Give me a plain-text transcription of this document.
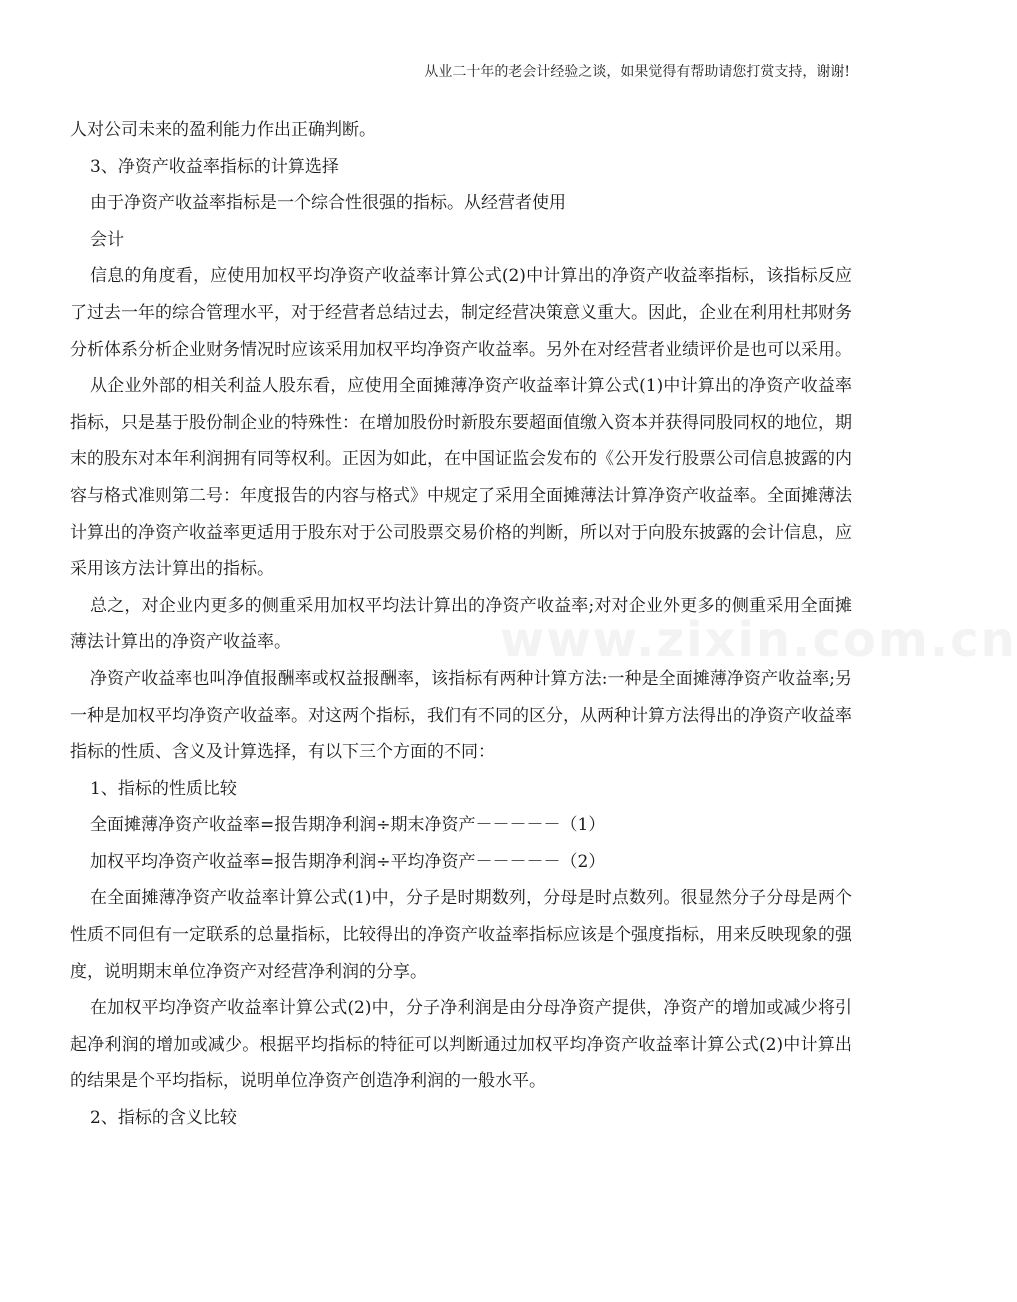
从业二十年的老会计经验之谈，如果觉得有帮助请您打赏支持，谢谢!
www.zixin.com.cn

人对公司未来的盈利能力作出正确判断。

3、净资产收益率指标的计算选择

由于净资产收益率指标是一个综合性很强的指标。从经营者使用

会计

信息的角度看，应使用加权平均净资产收益率计算公式(2)中计算出的净资产收益率指标，该指标反应了过去一年的综合管理水平，对于经营者总结过去，制定经营决策意义重大。因此，企业在利用杜邦财务分析体系分析企业财务情况时应该采用加权平均净资产收益率。另外在对经营者业绩评价是也可以采用。

从企业外部的相关利益人股东看，应使用全面摊薄净资产收益率计算公式(1)中计算出的净资产收益率指标，只是基于股份制企业的特殊性：在增加股份时新股东要超面值缴入资本并获得同股同权的地位，期末的股东对本年利润拥有同等权利。正因为如此，在中国证监会发布的《公开发行股票公司信息披露的内容与格式准则第二号：年度报告的内容与格式》中规定了采用全面摊薄法计算净资产收益率。全面摊薄法计算出的净资产收益率更适用于股东对于公司股票交易价格的判断，所以对于向股东披露的会计信息，应采用该方法计算出的指标。

总之，对企业内更多的侧重采用加权平均法计算出的净资产收益率;对对企业外更多的侧重采用全面摊薄法计算出的净资产收益率。

净资产收益率也叫净值报酬率或权益报酬率，该指标有两种计算方法:一种是全面摊薄净资产收益率;另一种是加权平均净资产收益率。对这两个指标，我们有不同的区分，从两种计算方法得出的净资产收益率指标的性质、含义及计算选择，有以下三个方面的不同：

1、指标的性质比较

全面摊薄净资产收益率=报告期净利润÷期末净资产－－－－－（1）

加权平均净资产收益率=报告期净利润÷平均净资产－－－－－（2）

在全面摊薄净资产收益率计算公式(1)中，分子是时期数列，分母是时点数列。很显然分子分母是两个性质不同但有一定联系的总量指标，比较得出的净资产收益率指标应该是个强度指标，用来反映现象的强度，说明期末单位净资产对经营净利润的分享。

在加权平均净资产收益率计算公式(2)中，分子净利润是由分母净资产提供，净资产的增加或减少将引起净利润的增加或减少。根据平均指标的特征可以判断通过加权平均净资产收益率计算公式(2)中计算出的结果是个平均指标，说明单位净资产创造净利润的一般水平。

2、指标的含义比较
